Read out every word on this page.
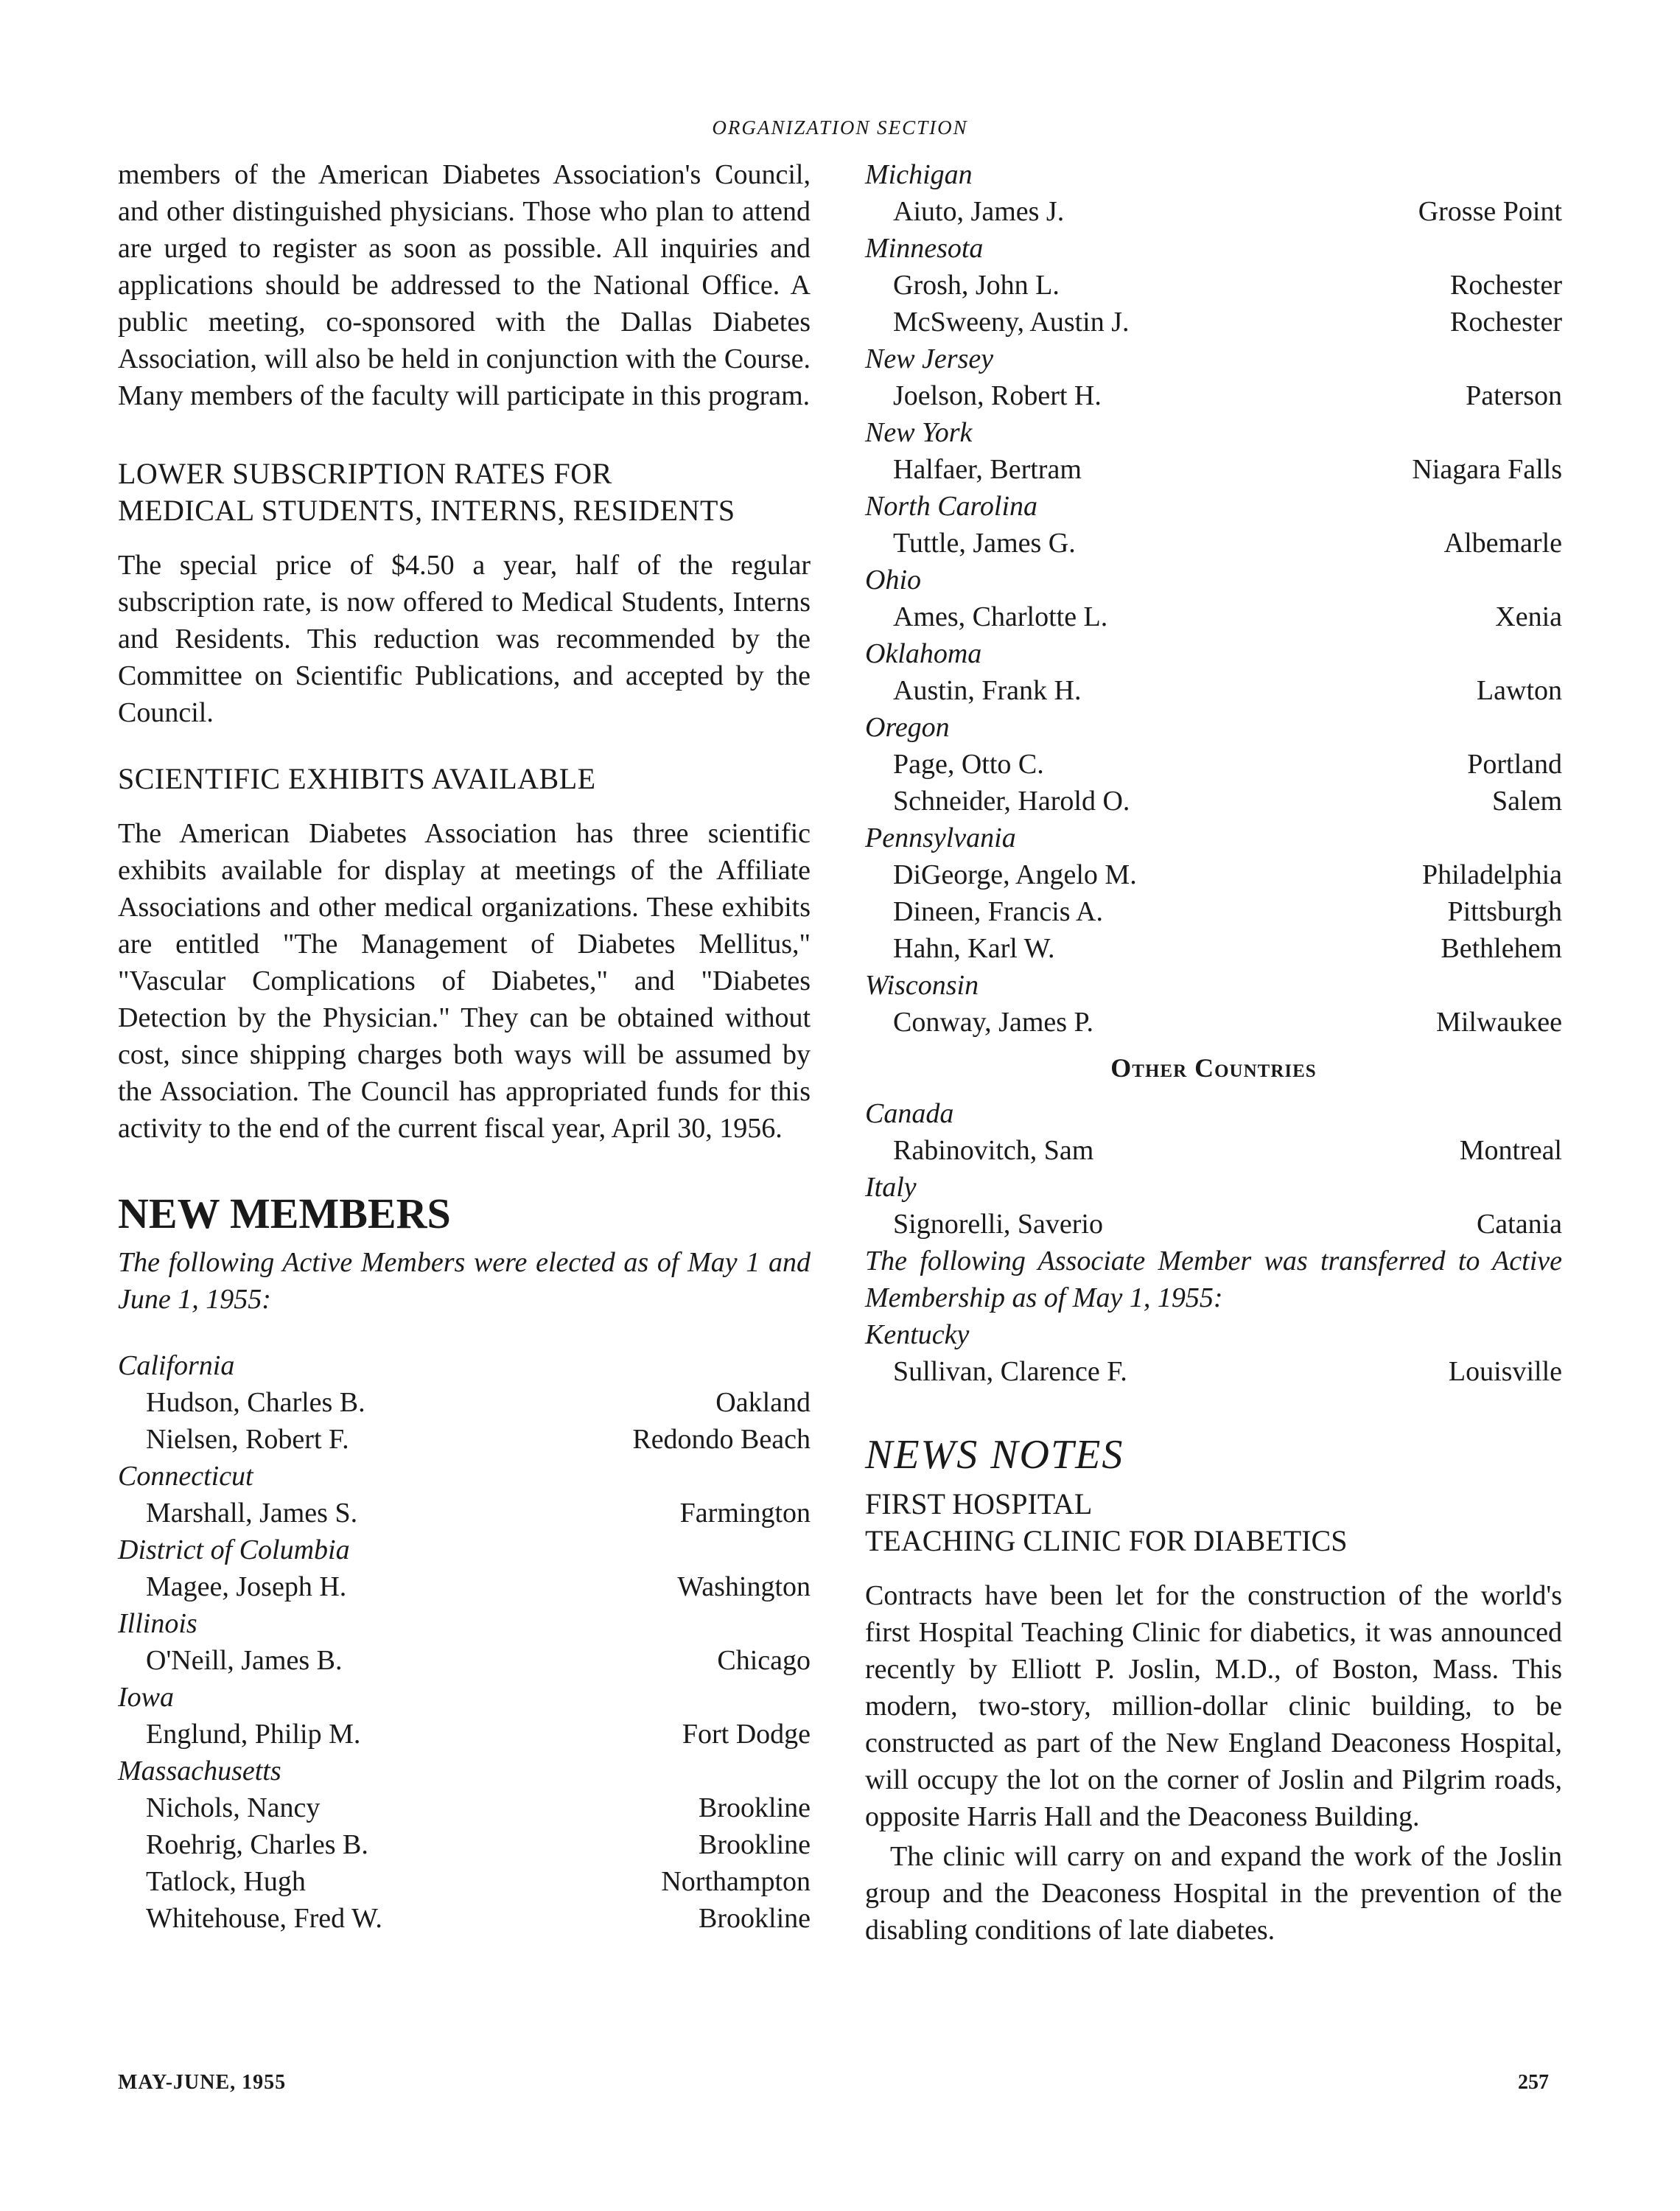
ORGANIZATION SECTION

members of the American Diabetes Association's Council, and other distinguished physicians. Those who plan to attend are urged to register as soon as possible. All inquiries and applications should be addressed to the National Office. A public meeting, co-sponsored with the Dallas Diabetes Association, will also be held in conjunction with the Course. Many members of the faculty will participate in this program.

LOWER SUBSCRIPTION RATES FOR

MEDICAL STUDENTS, INTERNS, RESIDENTS

The special price of $4.50 a year, half of the regular subscription rate, is now offered to Medical Students, Interns and Residents. This reduction was recommended by the Committee on Scientific Publications, and accepted by the Council.

SCIENTIFIC EXHIBITS AVAILABLE

The American Diabetes Association has three scientific exhibits available for display at meetings of the Affiliate Associations and other medical organizations. These exhibits are entitled "The Management of Diabetes Mellitus," "Vascular Complications of Diabetes," and "Diabetes Detection by the Physician." They can be obtained without cost, since shipping charges both ways will be assumed by the Association. The Council has appropriated funds for this activity to the end of the current fiscal year, April 30, 1956.

NEW MEMBERS

The following Active Members were elected as of May 1 and June 1, 1955:

California

Hudson, Charles B.	Oakland
Nielsen, Robert F.	Redondo Beach

Connecticut

Marshall, James S.	Farmington

District of Columbia

Magee, Joseph H.	Washington

Illinois

O'Neill, James B.	Chicago

Iowa

Englund, Philip M.	Fort Dodge

Massachusetts

Nichols, Nancy	Brookline
Roehrig, Charles B.	Brookline
Tatlock, Hugh	Northampton
Whitehouse, Fred W.	Brookline

Michigan

Aiuto, James J.	Grosse Point

Minnesota

Grosh, John L.	Rochester
McSweeny, Austin J.	Rochester

New Jersey

Joelson, Robert H.	Paterson

New York

Halfaer, Bertram	Niagara Falls

North Carolina

Tuttle, James G.	Albemarle

Ohio

Ames, Charlotte L.	Xenia

Oklahoma

Austin, Frank H.	Lawton

Oregon

Page, Otto C.	Portland
Schneider, Harold O.	Salem

Pennsylvania

DiGeorge, Angelo M.	Philadelphia
Dineen, Francis A.	Pittsburgh
Hahn, Karl W.	Bethlehem

Wisconsin

Conway, James P.	Milwaukee

Other Countries

Canada

Rabinovitch, Sam	Montreal

Italy

Signorelli, Saverio	Catania

The following Associate Member was transferred to Active Membership as of May 1, 1955:

Kentucky

Sullivan, Clarence F.	Louisville

NEWS NOTES

FIRST HOSPITAL

TEACHING CLINIC FOR DIABETICS

Contracts have been let for the construction of the world's first Hospital Teaching Clinic for diabetics, it was announced recently by Elliott P. Joslin, M.D., of Boston, Mass. This modern, two-story, million-dollar clinic building, to be constructed as part of the New England Deaconess Hospital, will occupy the lot on the corner of Joslin and Pilgrim roads, opposite Harris Hall and the Deaconess Building.

The clinic will carry on and expand the work of the Joslin group and the Deaconess Hospital in the prevention of the disabling conditions of late diabetes.

MAY-JUNE, 1955	257
